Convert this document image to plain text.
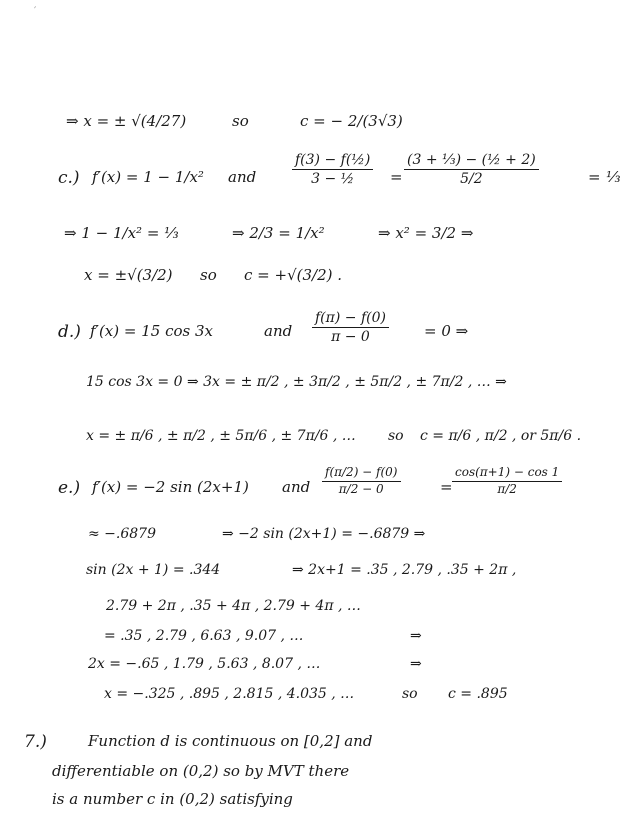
′
⇒ x = ± √(4/27)	so	c = − 2/(3√3)
c.) f′(x) = 1 − 1/x² and	=	= ⅓
$\frac{\text{f(3) − f(½)}}{\text{3 − ½}} \frac{\text{(3 + ⅓) − (½ + 2)}}{5/2}$
⇒ 1 − 1/x² = ⅓	⇒ 2/3 = 1/x²	⇒ x² = 3/2 ⇒
x = ±√(3/2) so c = +√(3/2) .
d.) f′(x) = 15 cos 3x	and	= 0 ⇒
$\frac{f(\pi) - f(0)}{\pi - 0}$
15 cos 3x = 0 ⇒ 3x = ± π/2 , ± 3π/2 , ± 5π/2 , ± 7π/2 , … ⇒
x = ± π/6 , ± π/2 , ± 5π/6 , ± 7π/6 , … so c = π/6 , π/2 , or 5π/6 .
e.) f′(x) = −2 sin (2x+1) and	=
$\frac{f(\pi/2) - f(0)}{\pi/2 - 0}$	$\frac{\cos(\pi+1) - \cos 1}{\pi/2}$
≈ −.6879	⇒ −2 sin (2x+1) = −.6879 ⇒
sin (2x + 1) = .344	⇒ 2x+1 = .35 , 2.79 , .35 + 2π ,
2.79 + 2π , .35 + 4π , 2.79 + 4π , …
= .35 , 2.79 , 6.63 , 9.07 , …	⇒
2x = −.65 , 1.79 , 5.63 , 8.07 , …	⇒
x = −.325 , .895 , 2.815 , 4.035 , …	so c = .895
7.)	Function d is continuous on [0,2] and
differentiable on (0,2) so by MVT there
is a number c in (0,2) satisfying
